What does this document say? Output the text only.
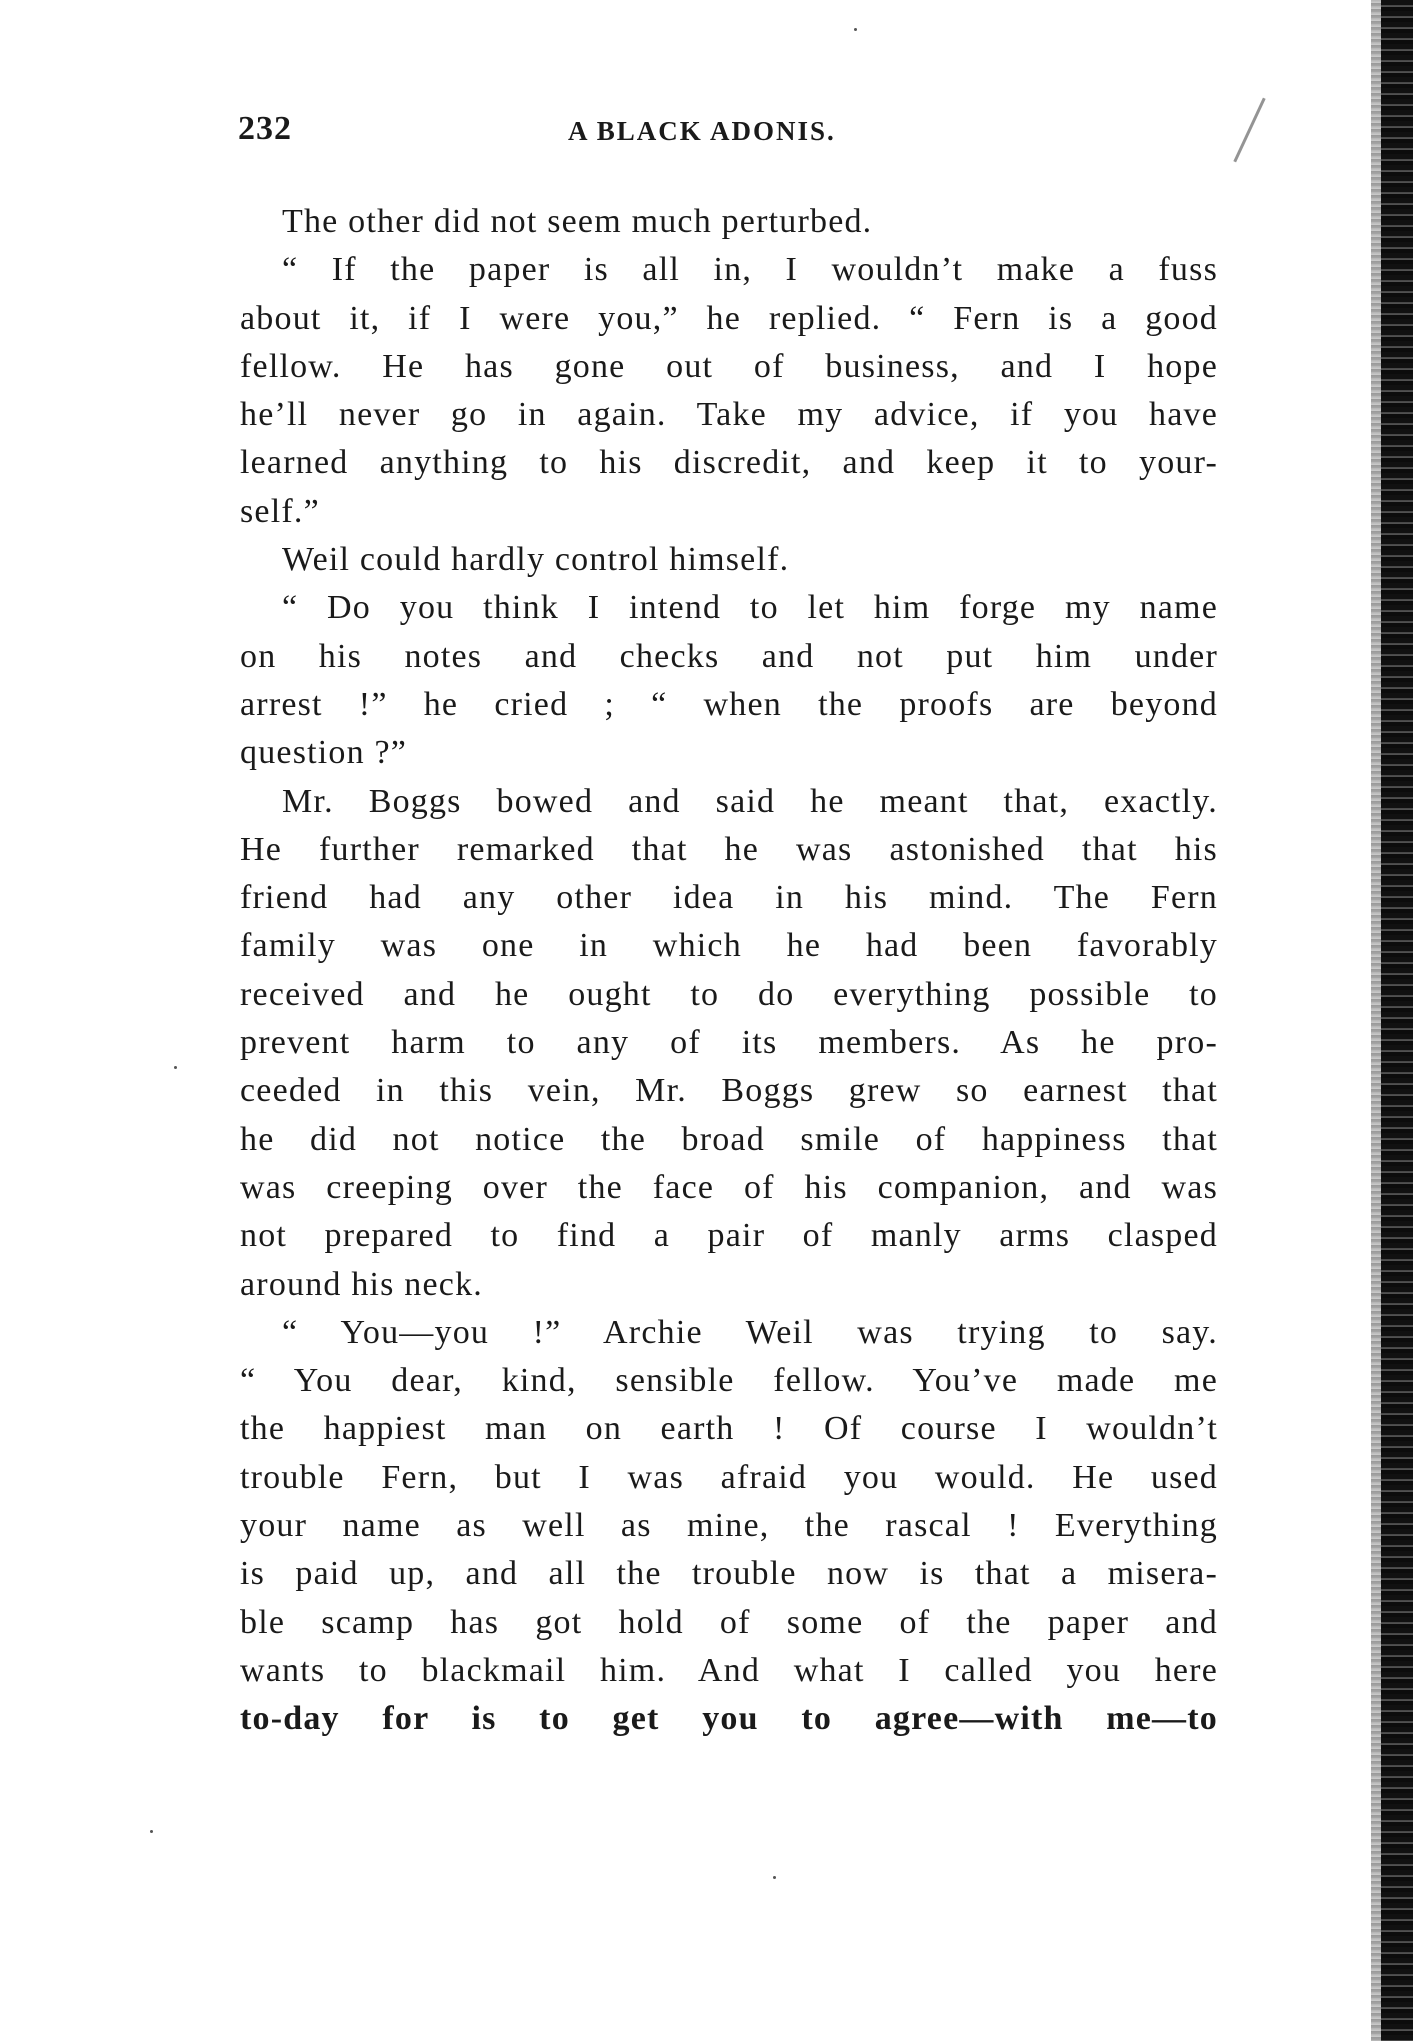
232	A BLACK ADONIS.
The other did not seem much perturbed.
“ If the paper is all in, I wouldn’t make a fuss
about it, if I were you,” he replied. “ Fern is a good
fellow. He has gone out of business, and I hope
he’ll never go in again. Take my advice, if you have
learned anything to his discredit, and keep it to your-
self.”
Weil could hardly control himself.
“ Do you think I intend to let him forge my name
on his notes and checks and not put him under
arrest !” he cried ; “ when the proofs are beyond
question ?”
Mr. Boggs bowed and said he meant that, exactly.
He further remarked that he was astonished that his
friend had any other idea in his mind. The Fern
family was one in which he had been favorably
received and he ought to do everything possible to
prevent harm to any of its members. As he pro-
ceeded in this vein, Mr. Boggs grew so earnest that
he did not notice the broad smile of happiness that
was creeping over the face of his companion, and was
not prepared to find a pair of manly arms clasped
around his neck.
“ You—you !” Archie Weil was trying to say.
“ You dear, kind, sensible fellow. You’ve made me
the happiest man on earth ! Of course I wouldn’t
trouble Fern, but I was afraid you would. He used
your name as well as mine, the rascal ! Everything
is paid up, and all the trouble now is that a misera-
ble scamp has got hold of some of the paper and
wants to blackmail him. And what I called you here
to-day for is to get you to agree—with me—to
